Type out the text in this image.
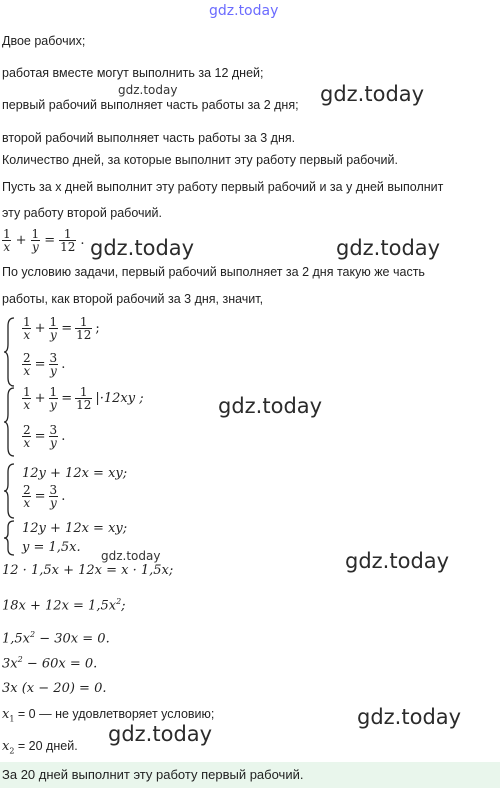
gdz.today
Двое рабочих;
работая вместе могут выполнить за 12 дней;
gdz.today
первый рабочий выполняет часть работы за 2 дня; gdz.today
второй рабочий выполняет часть работы за 3 дня.
Количество дней, за которые выполнит эту работу первый рабочий.
Пусть за x дней выполнит эту работу первый рабочий и за y дней выполнит
эту работу второй рабочий.
$\frac{1}{x} + \frac{1}{y} = \frac{1}{12}$ . gdz.today	gdz.today
По условию задачи, первый рабочий выполняет за 2 дня такую же часть
работы, как второй рабочий за 3 дня, значит,
$\frac{1}{x} + \frac{1}{y} = \frac{1}{12}$ ;
$\frac{2}{x} = \frac{3}{y}$ .
$\frac{1}{x} + \frac{1}{y} = \frac{1}{12} |\cdot 12xy$ ;
$\frac{2}{x} = \frac{3}{y}$ .
gdz.today
12y + 12x = xy;
$\frac{2}{x} = \frac{3}{y}$ .
12y + 12x = xy;
y = 1,5x.
gdz.today	gdz.today
12 · 1,5x + 12x = x · 1,5x;
$18x + 12x = 1,5x^2$;
$1,5x^2 - 30x = 0$.
$3x^2 - 60x = 0$.
3x (x − 20) = 0.
$x_1 = 0$ — не удовлетворяет условию;	gdz.today
gdz.today
$x_2 = 20$ дней.
За 20 дней выполнит эту работу первый рабочий.
